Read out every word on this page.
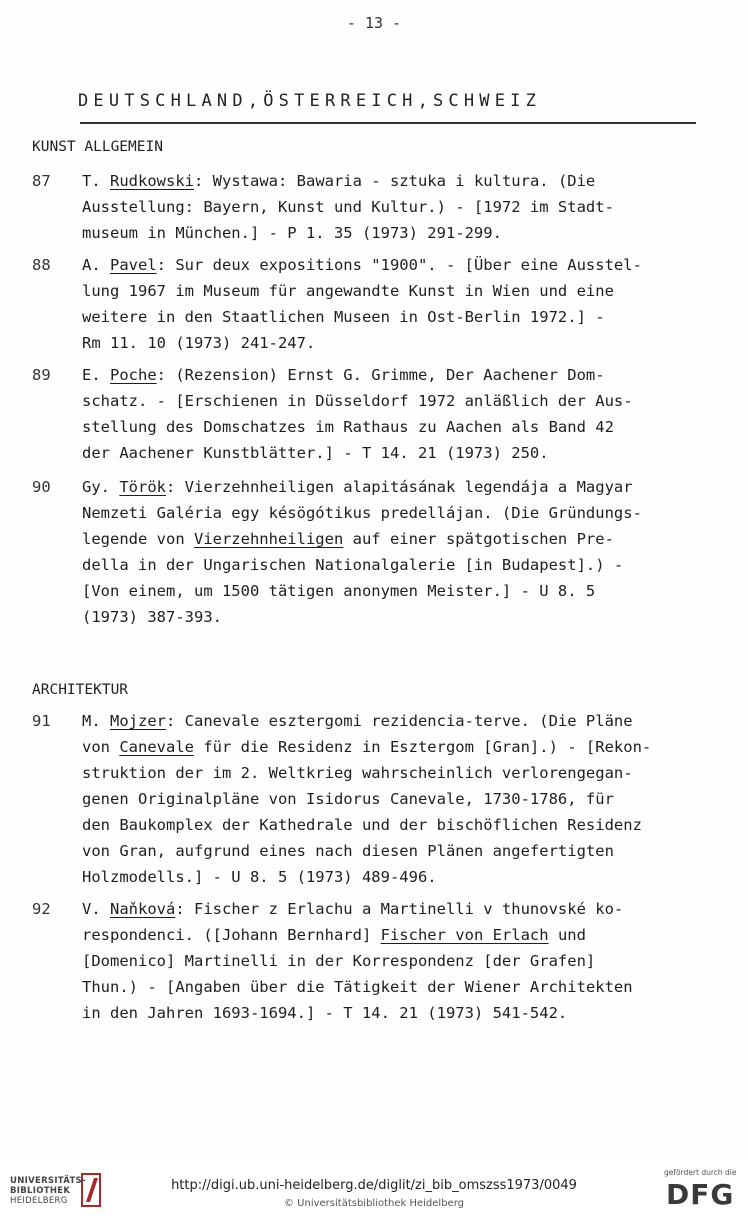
- 13 -
DEUTSCHLAND,ÖSTERREICH,SCHWEIZ
KUNST ALLGEMEIN
ARCHITEKTUR
87 T. Rudkowski: Wystawa: Bawaria - sztuka i kultura. (Die
Ausstellung: Bayern, Kunst und Kultur.) - [1972 im Stadt-
museum in München.] - P 1. 35 (1973) 291-299.
88 A. Pavel: Sur deux expositions "1900". - [Über eine Ausstel-
lung 1967 im Museum für angewandte Kunst in Wien und eine
weitere in den Staatlichen Museen in Ost-Berlin 1972.] -
Rm 11. 10 (1973) 241-247.
89 E. Poche: (Rezension) Ernst G. Grimme, Der Aachener Dom-
schatz. - [Erschienen in Düsseldorf 1972 anläßlich der Aus-
stellung des Domschatzes im Rathaus zu Aachen als Band 42
der Aachener Kunstblätter.] - T 14. 21 (1973) 250.
90 Gy. Török: Vierzehnheiligen alapitásának legendája a Magyar
Nemzeti Galéria egy késögótikus predellájan. (Die Gründungs-
legende von Vierzehnheiligen auf einer spätgotischen Pre-
della in der Ungarischen Nationalgalerie [in Budapest].) -
[Von einem, um 1500 tätigen anonymen Meister.] - U 8. 5
(1973) 387-393.
91 M. Mojzer: Canevale esztergomi rezidencia-terve. (Die Pläne
von Canevale für die Residenz in Esztergom [Gran].) - [Rekon-
struktion der im 2. Weltkrieg wahrscheinlich verlorengegan-
genen Originalpläne von Isidorus Canevale, 1730-1786, für
den Baukomplex der Kathedrale und der bischöflichen Residenz
von Gran, aufgrund eines nach diesen Plänen angefertigten
Holzmodells.] - U 8. 5 (1973) 489-496.
92 V. Naňková: Fischer z Erlachu a Martinelli v thunovské ko-
respondenci. ([Johann Bernhard] Fischer von Erlach und
[Domenico] Martinelli in der Korrespondenz [der Grafen]
Thun.) - [Angaben über die Tätigkeit der Wiener Architekten
in den Jahren 1693-1694.] - T 14. 21 (1973) 541-542.
UNIVERSITÄTS-
BIBLIOTHEK
HEIDELBERG
http://digi.ub.uni-heidelberg.de/diglit/zi_bib_omszss1973/0049
© Universitätsbibliothek Heidelberg
gefördert durch die
DFG
